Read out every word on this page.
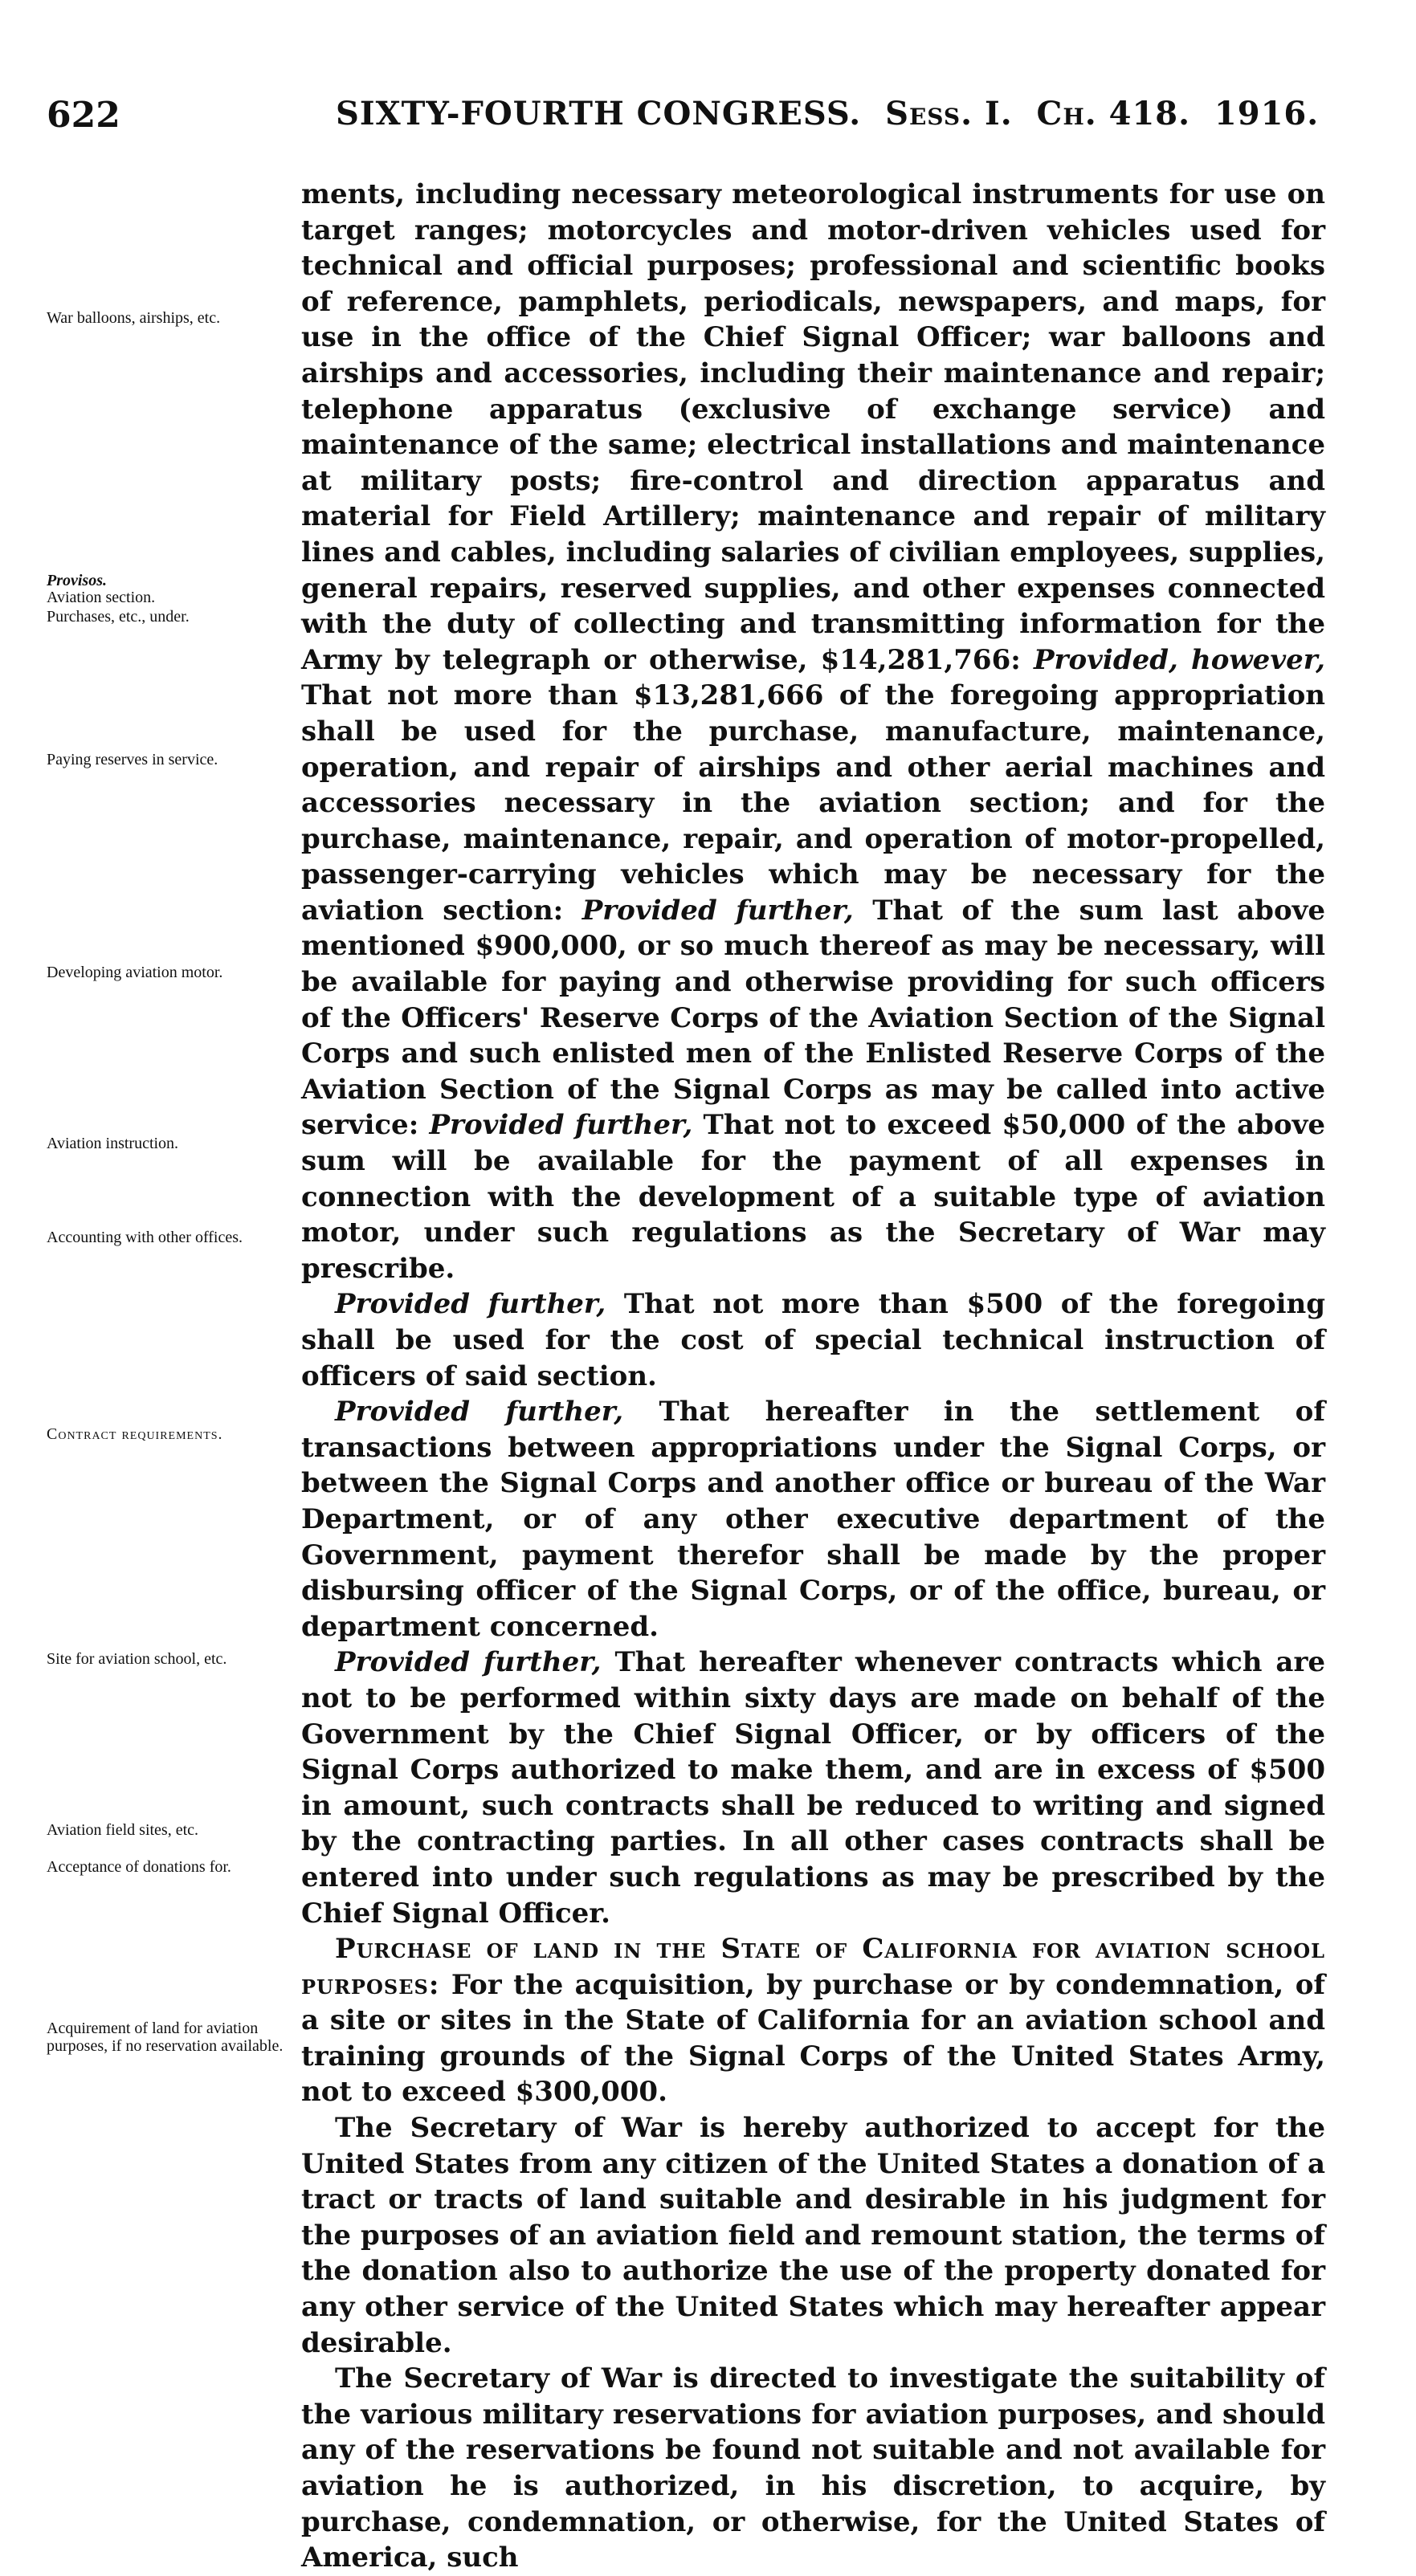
622	SIXTY-FOURTH CONGRESS. Sess. I. Ch. 418. 1916.
War balloons, airships, etc.
Provisos.
Aviation section.
Purchases, etc., under.
Paying reserves in service.
Developing aviation motor.
Aviation instruction.
Accounting with other offices.
Contract requirements.
Site for aviation school, etc.
Aviation field sites, etc.
Acceptance of donations for.
Acquirement of land for aviation purposes, if no reservation available.

ments, including necessary meteorological instruments for use on target ranges; motorcycles and motor-driven vehicles used for technical and official purposes; professional and scientific books of reference, pamphlets, periodicals, newspapers, and maps, for use in the office of the Chief Signal Officer; war balloons and airships and accessories, including their maintenance and repair; telephone apparatus (exclusive of exchange service) and maintenance of the same; electrical installations and maintenance at military posts; fire-control and direction apparatus and material for Field Artillery; maintenance and repair of military lines and cables, including salaries of civilian employees, supplies, general repairs, reserved supplies, and other expenses connected with the duty of collecting and transmitting information for the Army by telegraph or otherwise, $14,281,766: Provided, however, That not more than $13,281,666 of the foregoing appropriation shall be used for the purchase, manufacture, maintenance, operation, and repair of airships and other aerial machines and accessories necessary in the aviation section; and for the purchase, maintenance, repair, and operation of motor-propelled, passenger-carrying vehicles which may be necessary for the aviation section: Provided further, That of the sum last above mentioned $900,000, or so much thereof as may be necessary, will be available for paying and otherwise providing for such officers of the Officers' Reserve Corps of the Aviation Section of the Signal Corps and such enlisted men of the Enlisted Reserve Corps of the Aviation Section of the Signal Corps as may be called into active service: Provided further, That not to exceed $50,000 of the above sum will be available for the payment of all expenses in connection with the development of a suitable type of aviation motor, under such regulations as the Secretary of War may prescribe.

Provided further, That not more than $500 of the foregoing shall be used for the cost of special technical instruction of officers of said section.

Provided further, That hereafter in the settlement of transactions between appropriations under the Signal Corps, or between the Signal Corps and another office or bureau of the War Department, or of any other executive department of the Government, payment therefor shall be made by the proper disbursing officer of the Signal Corps, or of the office, bureau, or department concerned.

Provided further, That hereafter whenever contracts which are not to be performed within sixty days are made on behalf of the Government by the Chief Signal Officer, or by officers of the Signal Corps authorized to make them, and are in excess of $500 in amount, such contracts shall be reduced to writing and signed by the contracting parties. In all other cases contracts shall be entered into under such regulations as may be prescribed by the Chief Signal Officer.

Purchase of land in the State of California for aviation school purposes: For the acquisition, by purchase or by condemnation, of a site or sites in the State of California for an aviation school and training grounds of the Signal Corps of the United States Army, not to exceed $300,000.

The Secretary of War is hereby authorized to accept for the United States from any citizen of the United States a donation of a tract or tracts of land suitable and desirable in his judgment for the purposes of an aviation field and remount station, the terms of the donation also to authorize the use of the property donated for any other service of the United States which may hereafter appear desirable.

The Secretary of War is directed to investigate the suitability of the various military reservations for aviation purposes, and should any of the reservations be found not suitable and not available for aviation he is authorized, in his discretion, to acquire, by purchase, condemnation, or otherwise, for the United States of America, such
